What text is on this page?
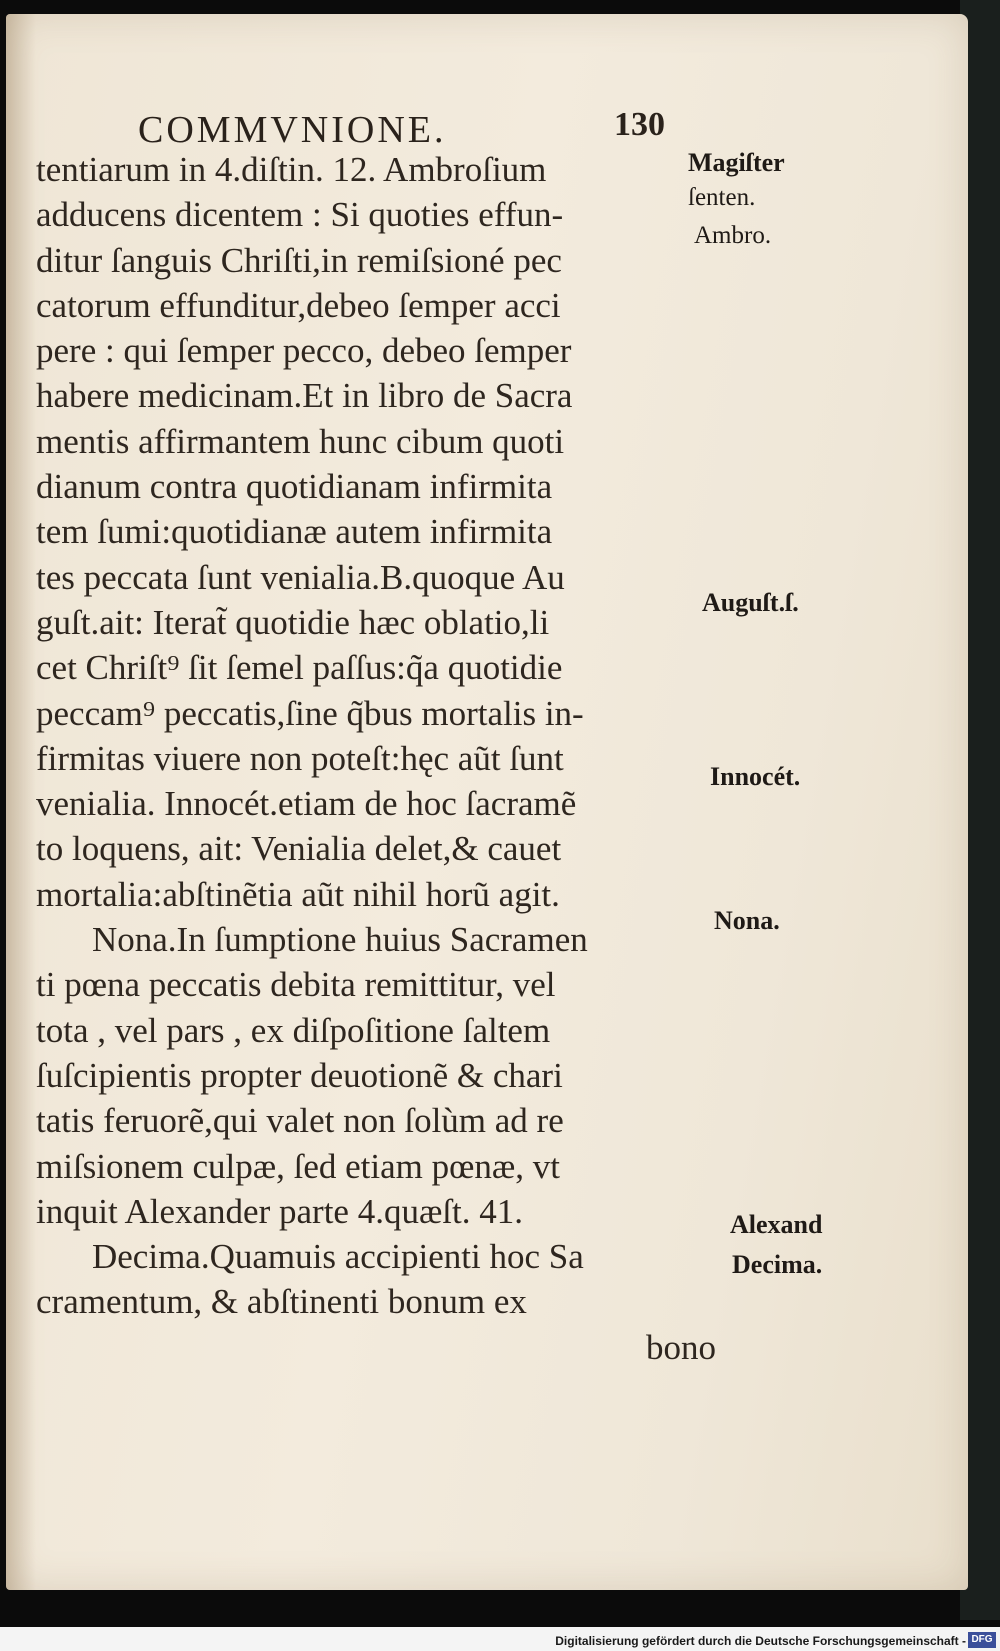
COMMVNIONE.	130
tentiarum in 4.diſtin. 12. Ambroſium
adducens dicentem : Si quoties effun-
ditur ſanguis Chriſti,in remiſsioné pec
catorum effunditur,debeo ſemper acci
pere : qui ſemper pecco, debeo ſemper
habere medicinam.Et in libro de Sacra
mentis affirmantem hunc cibum quoti
dianum contra quotidianam infirmita
tem ſumi:quotidianæ autem infirmita
tes peccata ſunt venialia.B.quoque Au
guſt.ait: Iterat̃ quotidie hæc oblatio,li
cet Chriſt⁹ ſit ſemel paſſus:q̃a quotidie
peccam⁹ peccatis,ſine q̃bus mortalis in-
firmitas viuere non poteſt:hęc aũt ſunt
venialia. Innocét.etiam de hoc ſacramẽ
to loquens, ait: Venialia delet,& cauet
mortalia:abſtinẽtia aũt nihil horũ agit.
Nona.In ſumptione huius Sacramen
ti pœna peccatis debita remittitur, vel
tota , vel pars , ex diſpoſitione ſaltem
ſuſcipientis propter deuotionẽ & chari
tatis feruorẽ,qui valet non ſolùm ad re
miſsionem culpæ, ſed etiam pœnæ, vt
inquit Alexander parte 4.quæſt. 41.
Decima.Quamuis accipienti hoc Sa
cramentum, & abſtinenti bonum ex
bono
Magiſter
ſenten.
Ambro.
Auguſt.ſ.
Innocét.
Nona.
Alexand
Decima.
Digitalisierung gefördert durch die Deutsche Forschungsgemeinschaft - DFG
